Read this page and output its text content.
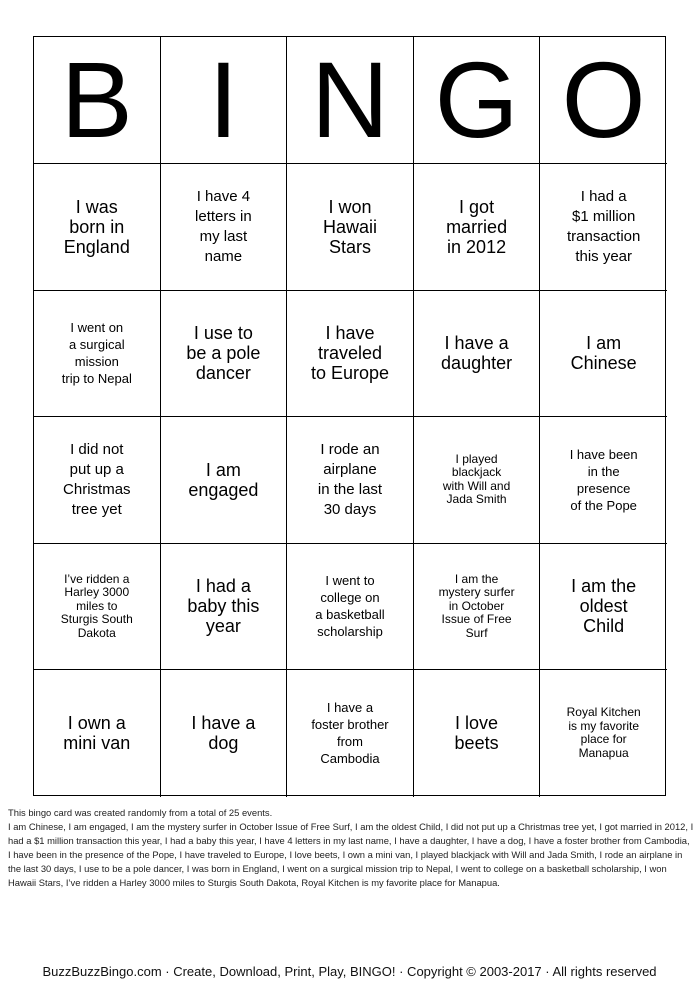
B I N G O
I was
born in
England
I have 4
letters in
my last
name
I won
Hawaii
Stars
I got
married
in 2012
I had a
$1 million
transaction
this year
I went on
a surgical
mission
trip to Nepal
I use to
be a pole
dancer
I have
traveled
to Europe
I have a
daughter
I am
Chinese
I did not
put up a
Christmas
tree yet
I am
engaged
I rode an
airplane
in the last
30 days
I played
blackjack
with Will and
Jada Smith
I have been
in the
presence
of the Pope
I’ve ridden a
Harley 3000
miles to
Sturgis South
Dakota
I had a
baby this
year
I went to
college on
a basketball
scholarship
I am the
mystery surfer
in October
Issue of Free
Surf
I am the
oldest
Child
I own a
mini van
I have a
dog
I have a
foster brother
from
Cambodia
I love
beets
Royal Kitchen
is my favorite
place for
Manapua

This bingo card was created randomly from a total of 25 events.

I am Chinese, I am engaged, I am the mystery surfer in October Issue of Free Surf, I am the oldest Child, I did not put up a Christmas tree yet, I got married in 2012, I had a $1 million transaction this year, I had a baby this year, I have 4 letters in my last name, I have a daughter, I have a dog, I have a foster brother from Cambodia, I have been in the presence of the Pope, I have traveled to Europe, I love beets, I own a mini van, I played blackjack with Will and Jada Smith, I rode an airplane in the last 30 days, I use to be a pole dancer, I was born in England, I went on a surgical mission trip to Nepal, I went to college on a basketball scholarship, I won Hawaii Stars, I’ve ridden a Harley 3000 miles to Sturgis South Dakota, Royal Kitchen is my favorite place for Manapua.

BuzzBuzzBingo.com · Create, Download, Print, Play, BINGO! · Copyright © 2003-2017 · All rights reserved
